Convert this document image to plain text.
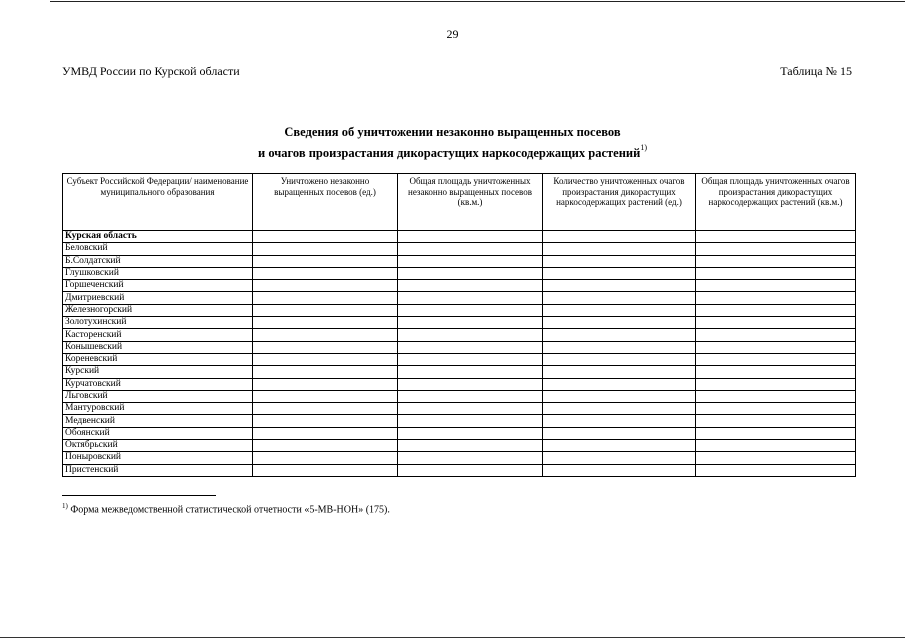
29
УМВД России по Курской области	Таблица № 15
Сведения об уничтожении незаконно выращенных посевов
и очагов произрастания дикорастущих наркосодержащих растений$^{1)}$
Субъект Российской Федерации/ наименование муниципального образования	Уничтожено незаконно выращенных посевов (ед.)	Общая площадь уничтоженных незаконно выращенных посевов (кв.м.)	Количество уничтоженных очагов произрастания дикорастущих наркосодержащих растений (ед.)	Общая площадь уничтоженных очагов произрастания дикорастущих наркосодержащих растений (кв.м.)
Курская область				
Беловский				
Б.Солдатский				
Глушковский				
Горшеченский				
Дмитриевский				
Железногорский				
Золотухинский				
Касторенский				
Конышевский				
Кореневский				
Курский				
Курчатовский				
Льговский				
Мантуровский				
Медвенский				
Обоянский				
Октябрьский				
Поныровский				
Пристенский				
$^{1)}$ Форма межведомственной статистической отчетности «5-МВ-НОН» (175).
